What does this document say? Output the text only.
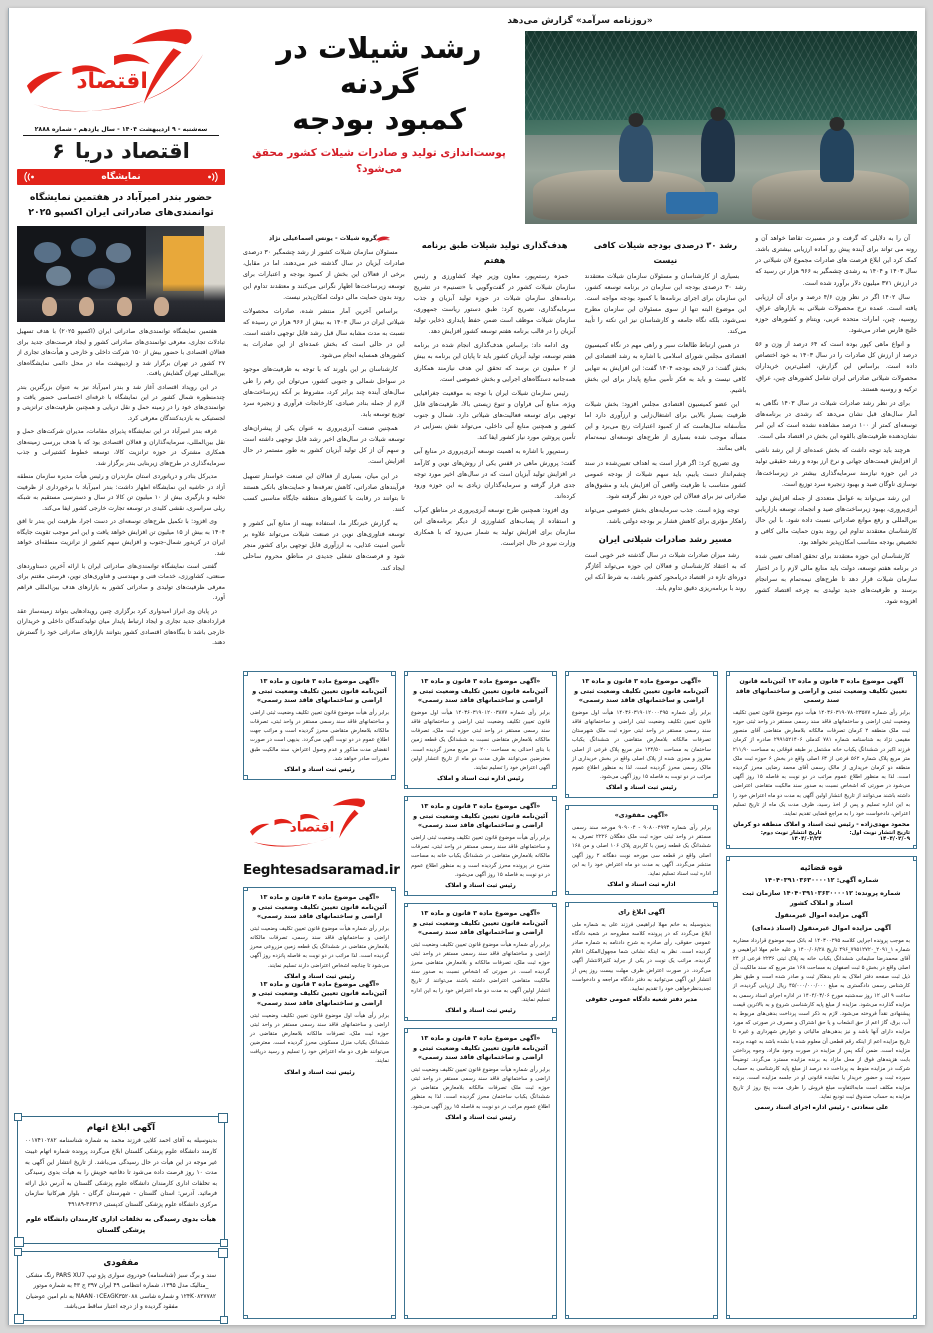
«روزنامه سرآمد» گزارش می‌دهد
رشد شیلات در گردنه
کمبود بودجه
پوست‌اندازی تولید و صادرات شیلات کشور محقق می‌شود؟

آن را به دلایلی که گرفت و در مسیرت تقاضا خواهد آن و رونه می تواند برای آینده پیش رو آماده ارزیابی بیشتری باشد. کمک کرد این ابلاغ فرصت های صادرات مجموع لان شیلاتی در سال ۱۴۰۳ و ۱۴۰۴ به رشدی چشمگیر به ۹۶۶ هزار تن رسید که در ارزش ۳۷۱ میلیون دلار برآورد شده است.

سال ۱۴۰۲ اگر در نظر وزن ۴/۶ درصد و برای آن ارزیابی یافته است. عمده نرخ محصولات شیلاتی به بازارهای عراق، روسیه، چین، امارات متحده عربی، ویتنام و کشورهای حوزه خلیج فارس صادر می‌شود.

و انواع ماهی کپور بوده است که ۶۴ درصد از وزن و ۵۶ درصد از ارزش کل صادرات را در سال ۱۴۰۳ به خود اختصاص داده است. براساس این گزارش، اصلی‌ترین خریداران محصولات شیلاتی صادراتی ایران شامل کشورهای چین، عراق، ترکیه و روسیه هستند.

برای در نظر رشد صادرات شیلات در سال ۱۴۰۳ نگاهی به آمار سال‌های قبل نشان می‌دهد که رشدی در برنامه‌های توسعه‌ای کمتر از ۱۰۰ درصد مشاهده نشده است که این امر نشان‌دهنده ظرفیت‌های بالقوه این بخش در اقتصاد ملی است.

هرچند باید توجه داشت که بخش عمده‌ای از این رشد ناشی از افزایش قیمت‌های جهانی و نرخ ارز بوده و رشد حقیقی تولید در این حوزه نیازمند سرمایه‌گذاری بیشتر در زیرساخت‌ها، نوسازی ناوگان صید و بهبود زنجیره سرد توزیع است.

این رشد می‌تواند به عوامل متعددی از جمله افزایش تولید آبزی‌پروری، بهبود زیرساخت‌های صید و انجماد، توسعه بازاریابی بین‌المللی و رفع موانع صادراتی نسبت داده شود. با این حال کارشناسان معتقدند تداوم این روند بدون حمایت مالی کافی و تخصیص بودجه متناسب امکان‌پذیر نخواهد بود.

کارشناسان این حوزه معتقدند برای تحقق اهداف تعیین شده در برنامه هفتم توسعه، دولت باید منابع مالی لازم را در اختیار سازمان شیلات قرار دهد تا طرح‌های نیمه‌تمام به سرانجام برسند و ظرفیت‌های جدید تولیدی به چرخه اقتصاد کشور افزوده شود.

رشد ۳۰ درصدی بودجه شیلات کافی نیست

بسیاری از کارشناسان و مسئولان سازمان شیلات معتقدند رشد ۳۰ درصدی بودجه این سازمان در برنامه توسعه کشور، این سازمان برای اجرای برنامه‌ها با کمبود بودجه مواجه است. این موضوع البته تنها از سوی مسئولان این سازمان مطرح نمی‌شود، بلکه نگاه جامعه و کارشناسان نیز این نکته را تأیید می‌کند.

در همین ارتباط طالعات سیر و راهی مهم در نگاه کمیسیون اقتصادی مجلس شورای اسلامی با اشاره به رشد اقتصادی این بخش گفت: در لایحه بودجه ۱۴۰۴ گفت: این افزایش به تنهایی کافی نیست و باید به فکر تأمین منابع پایدار برای این بخش باشیم.

این عضو کمیسیون اقتصادی مجلس افزود: بخش شیلات ظرفیت بسیار بالایی برای اشتغال‌زایی و ارزآوری دارد اما متأسفانه سال‌هاست که از کمبود اعتبارات رنج می‌برد و این مسأله موجب شده بسیاری از طرح‌های توسعه‌ای نیمه‌تمام باقی بمانند.

وی تصریح کرد: اگر قرار است به اهداف تعیین‌شده در سند چشم‌انداز دست یابیم، باید سهم شیلات از بودجه عمومی کشور متناسب با ظرفیت واقعی آن افزایش یابد و مشوق‌های صادراتی نیز برای فعالان این حوزه در نظر گرفته شود.

توجه ویژه است. جذب سرمایه‌های بخش خصوصی می‌تواند راهکار مؤثری برای کاهش فشار بر بودجه دولتی باشد.

مسیر رشد صادرات شیلاتی ایران

رشد میزان صادرات شیلات در سال گذشته خبر خوبی است که به اعتقاد کارشناسان و فعالان این حوزه می‌تواند آغازگر دوره‌ای تازه در اقتصاد دریامحور کشور باشد، به شرط آنکه این روند با برنامه‌ریزی دقیق تداوم یابد.

هدف‌گذاری تولید شیلات طبق برنامه هفتم

حمزه رستم‌پور، معاون وزیر جهاد کشاورزی و رئیس سازمان شیلات کشور در گفت‌وگویی با «تسنیم» در تشریح برنامه‌های سازمان شیلات در حوزه تولید آبزیان و جذب سرمایه‌گذاری، تصریح کرد: طبق دستور ریاست جمهوری، سازمان شیلات موظف است ضمن حفظ پایداری ذخایر، تولید آبزیان را در قالب برنامه هفتم توسعه کشور افزایش دهد.

وی ادامه داد: براساس هدف‌گذاری انجام شده در برنامه هفتم توسعه، تولید آبزیان کشور باید تا پایان این برنامه به بیش از ۲ میلیون تن برسد که تحقق این هدف نیازمند همکاری همه‌جانبه دستگاه‌های اجرایی و بخش خصوصی است.

رئیس سازمان شیلات ایران با توجه به موقعیت جغرافیایی ویژه، منابع آبی فراوان و تنوع زیستی بالا، ظرفیت‌های قابل توجهی برای توسعه فعالیت‌های شیلاتی دارد. شمال و جنوب کشور و همچنین منابع آبی داخلی، می‌تواند نقش بسزایی در تأمین پروتئین مورد نیاز کشور ایفا کند.

رستم‌پور با اشاره به اهمیت توسعه آبزی‌پروری در منابع آبی گفت: پرورش ماهی در قفس یکی از روش‌های نوین و کارآمد در افزایش تولید آبزیان است که در سال‌های اخیر مورد توجه جدی قرار گرفته و سرمایه‌گذاران زیادی به این حوزه ورود کرده‌اند.

وی افزود: همچنین طرح توسعه آبزی‌پروری در مناطق کم‌آب و استفاده از پساب‌های کشاورزی از دیگر برنامه‌های این سازمان برای افزایش تولید به شمار می‌رود که با همکاری وزارت نیرو در حال اجراست.

گروه شیلات - یونس اسماعیلی نژاد

مسئولان سازمان شیلات کشور از رشد چشمگیر ۳۰ درصدی صادرات آبزیان در سال گذشته خبر می‌دهند، اما در مقابل، برخی از فعالان این بخش از کمبود بودجه و اعتبارات برای توسعه زیرساخت‌ها اظهار نگرانی می‌کنند و معتقدند تداوم این روند بدون حمایت مالی دولت امکان‌پذیر نیست.

براساس آخرین آمار منتشر شده، صادرات محصولات شیلاتی ایران در سال ۱۴۰۳ به بیش از ۹۶۶ هزار تن رسیده که نسبت به مدت مشابه سال قبل رشد قابل توجهی داشته است. این در حالی است که بخش عمده‌ای از این صادرات به کشورهای همسایه انجام می‌شود.

کارشناسان بر این باورند که با توجه به ظرفیت‌های موجود در سواحل شمالی و جنوبی کشور، می‌توان این رقم را طی سال‌های آینده چند برابر کرد، مشروط بر آنکه زیرساخت‌های لازم از جمله بنادر صیادی، کارخانجات فرآوری و زنجیره سرد توزیع توسعه یابد.

همچنین صنعت آبزی‌پروری به عنوان یکی از پیشران‌های توسعه شیلات در سال‌های اخیر رشد قابل توجهی داشته است و سهم آن از کل تولید آبزیان کشور به طور مستمر در حال افزایش است.

در این میان، بسیاری از فعالان این صنعت خواستار تسهیل فرآیندهای صادراتی، کاهش تعرفه‌ها و حمایت‌های بانکی هستند تا بتوانند در رقابت با کشورهای منطقه جایگاه مناسبی کسب کنند.

به گزارش خبرنگار ما، استفاده بهینه از منابع آبی کشور و توسعه فناوری‌های نوین در صنعت شیلات می‌تواند علاوه بر تأمین امنیت غذایی، به ارزآوری قابل توجهی برای کشور منجر شود و فرصت‌های شغلی جدیدی در مناطق محروم ساحلی ایجاد کند.

آگهی موضوع ماده ۳ قانون و ماده ۱۳ آئین‌نامه قانون تعیین تکلیف وضعیت ثبتی و اراضی و ساختمانهای فاقد سند رسمی
برابر رأی شماره ۱۴۰۳۶۰۳۱۹۰۷۸۰۲۳۵۷۷ هیأت دوم موضوع قانون تعیین تکلیف وضعیت ثبتی اراضی و ساختمانهای فاقد سند رسمی مستقر در واحد ثبتی حوزه ثبت ملک منطقه ۲ کرمان تصرفات مالکانه بلامعارض متقاضی آقای منصور مقیمی نژاد به شناسنامه شماره ۷۸۱ کدملی ۲۹۹۱۵۲۱۴۰۶ صادره از کرمان فرزند اکبر در ششدانگ یکباب خانه مشتمل بر طبقه فوقانی به مساحت ۲۱۱٫۹۰ متر مربع پلاک شماره ۵۶۲ فرعی از ۶۳ اصلی واقع در بخش ۶ حوزه ثبت ملک منطقه دو کرمان خریداری از مالک رسمی آقای محمد رضایی محرز گردیده است. لذا به منظور اطلاع عموم مراتب در دو نوبت به فاصله ۱۵ روز آگهی می‌شود در صورتی که اشخاص نسبت به صدور سند مالکیت متقاضی اعتراضی داشته باشند می‌توانند از تاریخ انتشار اولین آگهی به مدت دو ماه اعتراض خود را به این اداره تسلیم و پس از اخذ رسید، ظرف مدت یک ماه از تاریخ تسلیم اعتراض، دادخواست خود را به مراجع قضایی تقدیم نمایند.
محمود مهدی‌زاده - رئیس ثبت اسناد و املاک منطقه دو کرمان
تاریخ انتشار نوبت اول: ۱۴۰۴/۰۲/۰۹
تاریخ انتشار نوبت دوم: ۱۴۰۴/۰۲/۲۴
قوه قضائیه
شماره آگهی: ۱۴۰۴۰۳۹۱۰۳۶۳۰۰۰۰۱۲
شماره پرونده: ۱۴۰۴۰۳۹۱۰۳۶۳۰۰۰۰۱۲ سازمان ثبت اسناد و املاک کشور
آگهی مزایده اموال غیرمنقول
آگهی مزایده اموال غیرمنقول (اسناد ذمه‌ای)
به موجب پرونده اجرایی کلاسه ۱۴۰۳۰۰۲۹۵ له بانک سپه موضوع قرارداد مضاربه شماره ۱_۲۰۹۱_۷۹۵۱۲۷۲۰_۴۹۶ تاریخ ۱۴۰۰/۰۶/۲۸ و علیه خانم مهلا ابراهیمی و آقای محمدرضا سلیمانی ششدانگ یکباب خانه به پلاک ثبتی ۲۲۳۶ فرعی از ۲۴ اصلی واقع در بخش ۵ ثبت اصفهان به مساحت ۱۶۸ متر مربع که سند مالکیت آن ذیل ثبت صفحه دفتر املاک به نام بدهکار ثبت و صادر شده است و طبق نظر کارشناس رسمی دادگستری به مبلغ ۴۵/۰۰۰/۰۰۰/۰۰۰ ریال ارزیابی گردیده، از ساعت ۹ الی ۱۲ روز سه‌شنبه مورخ ۱۴۰۴/۰۳/۰۶ در اداره اجرای اسناد رسمی به مزایده گذارده می‌شود. مزایده از مبلغ پایه کارشناسی شروع و به بالاترین قیمت پیشنهادی نقداً فروخته می‌شود. لازم به ذکر است پرداخت بدهی‌های مربوط به آب، برق، گاز اعم از حق انشعاب و یا حق اشتراک و مصرف در صورتی که مورد مزایده دارای آنها باشد و نیز بدهی‌های مالیاتی و عوارض شهرداری و غیره تا تاریخ مزایده اعم از اینکه رقم قطعی آن معلوم شده یا نشده باشد به عهده برنده مزایده است. ضمن آنکه پس از مزایده در صورت وجود مازاد، وجوه پرداختی بابت هزینه‌های فوق از محل مازاد به برنده مزایده مسترد می‌گردد. توضیحاً شرکت در مزایده منوط به پرداخت ده درصد از مبلغ پایه کارشناسی به حساب سپرده ثبت و حضور خریدار یا نماینده قانونی او در جلسه مزایده است. برنده مزایده مکلف است مابه‌التفاوت مبلغ فروش را ظرف مدت پنج روز از تاریخ مزایده به حساب صندوق ثبت تودیع نماید.
علی سعادتی - رئیس اداره اجرای اسناد رسمی
«آگهی موضوع ماده ۳ قانون و ماده ۱۳ آئین‌نامه قانون تعیین تکلیف وضعیت ثبتی و اراضی و ساختمانهای فاقد سند رسمی»
برابر رأی شماره ۱۴۰۳۶۰۳۱۹۰۱۲۰۰۰۴۹۵ هیأت اول موضوع قانون تعیین تکلیف وضعیت ثبتی اراضی و ساختمانهای فاقد سند رسمی مستقر در واحد ثبتی حوزه ثبت ملک شهرستان تصرفات مالکانه بلامعارض متقاضی در ششدانگ یکباب ساختمان به مساحت ۱۲۴/۵۰ متر مربع پلاک فرعی از اصلی مفروز و مجزی شده از پلاک اصلی واقع در بخش خریداری از مالک رسمی محرز گردیده است. لذا به منظور اطلاع عموم مراتب در دو نوبت به فاصله ۱۵ روز آگهی می‌شود.
رئیس ثبت اسناد و املاک
«آگهی مفقودی»
برابر رأی شماره ۹۰۸۰۰۴۹۹۳ - ۹۰۹۰۰۴ مورخه سند رسمی مستقر در واحد ثبتی حوزه ثبت ملک دهگلان ۲۲۲۶ تصرف به ششدانگ یک قطعه زمین با کاربری پلاک ۱۰۶ اصلی و من ۱۶۸ اصلی واقع در قطعه سی مورخه نوبت دهگانه ۲ روز آگهی منتشر می‌گردد. آگهی به مدت دو ماه اعتراض خود را به این اداره ثبت اسناد تسلیم نماید.
اداره ثبت اسناد و املاک
آگهی ابلاغ رای
بدینوسیله به خانم مهلا ابراهیمی فرزند علی به شماره ملی ابلاغ می‌گردد که در پرونده کلاسه مطروحه در شعبه دادگاه عمومی حقوقی، رأی صادره به شرح دادنامه به شماره صادر گردیده است. نظر به اینکه نشانی شما مجهول‌المکان اعلام گردیده، مراتب یک نوبت در یکی از جراید کثیرالانتشار آگهی می‌گردد. در صورت اعتراض ظرف مهلت بیست روز پس از انتشار این آگهی می‌توانید به دفتر دادگاه مراجعه و دادخواست تجدیدنظرخواهی خود را تقدیم نمایید.
مدیر دفتر شعبه دادگاه عمومی حقوقی
«آگهی موضوع ماده ۳ قانون و ماده ۱۳ آئین‌نامه قانون تعیین تکلیف وضعیت ثبتی و اراضی و ساختمانهای فاقد سند رسمی»
برابر رأی شماره ۱۴۰۳۶۰۳۱۹۰۱۲۰۰۳۸۷۷ هیأت اول موضوع قانون تعیین تکلیف وضعیت ثبتی اراضی و ساختمانهای فاقد سند رسمی مستقر در واحد ثبتی حوزه ثبت ملک، تصرفات مالکانه بلامعارض متقاضی نسبت به ششدانگ یک قطعه زمین با بنای احداثی به مساحت ۲۰۰ متر مربع محرز گردیده است. معترضین می‌توانند ظرف مدت دو ماه از تاریخ انتشار اولین آگهی اعتراض خود را تسلیم نمایند.
رئیس اداره ثبت اسناد و املاک
«آگهی موضوع ماده ۳ قانون و ماده ۱۳ آئین‌نامه قانون تعیین تکلیف وضعیت ثبتی و اراضی و ساختمانهای فاقد سند رسمی»
برابر رأی هیأت موضوع قانون تعیین تکلیف وضعیت ثبتی اراضی و ساختمانهای فاقد سند رسمی مستقر در واحد ثبتی، تصرفات مالکانه بلامعارض متقاضی در ششدانگ یکباب خانه به مساحت مندرج در پرونده محرز گردیده است و به منظور اطلاع عموم در دو نوبت به فاصله ۱۵ روز آگهی می‌شود.
رئیس ثبت اسناد و املاک
«آگهی موضوع ماده ۳ قانون و ماده ۱۳ آئین‌نامه قانون تعیین تکلیف وضعیت ثبتی و اراضی و ساختمانهای فاقد سند رسمی»
برابر رأی شماره هیأت موضوع قانون تعیین تکلیف وضعیت ثبتی اراضی و ساختمانهای فاقد سند رسمی مستقر در واحد ثبتی حوزه ثبت ملک، تصرفات مالکانه و بلامعارض متقاضی محرز گردیده است. در صورتی که اشخاص نسبت به صدور سند مالکیت متقاضی اعتراضی داشته باشند می‌توانند از تاریخ انتشار اولین آگهی به مدت دو ماه اعتراض خود را به این اداره تسلیم نمایند.
رئیس ثبت اسناد و املاک
«آگهی موضوع ماده ۳ قانون و ماده ۱۳ آئین‌نامه قانون تعیین تکلیف وضعیت ثبتی و اراضی و ساختمانهای فاقد سند رسمی»
برابر رأی شماره هیأت موضوع قانون تعیین تکلیف وضعیت ثبتی اراضی و ساختمانهای فاقد سند رسمی مستقر در واحد ثبتی حوزه ثبت ملک تصرفات مالکانه بلامعارض متقاضی در ششدانگ یکباب ساختمان محرز گردیده است. لذا به منظور اطلاع عموم مراتب در دو نوبت به فاصله ۱۵ روز آگهی می‌شود.
رئیس ثبت اسناد و املاک
«آگهی موضوع ماده ۳ قانون و ماده ۱۳ آئین‌نامه قانون تعیین تکلیف وضعیت ثبتی و اراضی و ساختمانهای فاقد سند رسمی»
برابر رأی هیأت موضوع قانون تعیین تکلیف وضعیت ثبتی اراضی و ساختمانهای فاقد سند رسمی مستقر در واحد ثبتی، تصرفات مالکانه بلامعارض متقاضی محرز گردیده است و مراتب جهت اطلاع عموم در دو نوبت آگهی می‌گردد. بدیهی است در صورت انقضای مدت مذکور و عدم وصول اعتراض، سند مالکیت طبق مقررات صادر خواهد شد.
رئیس ثبت اسناد و املاک
اقتصاد
Eeghtesadsaramad.ir
«آگهی موضوع ماده ۳ قانون و ماده ۱۳ آئین‌نامه قانون تعیین تکلیف وضعیت ثبتی و اراضی و ساختمانهای فاقد سند رسمی»
برابر رأی شماره هیأت موضوع قانون تعیین تکلیف وضعیت ثبتی اراضی و ساختمانهای فاقد سند رسمی، تصرفات مالکانه بلامعارض متقاضی در ششدانگ یک قطعه زمین مزروعی محرز گردیده است. لذا مراتب در دو نوبت به فاصله پانزده روز آگهی می‌شود تا چنانچه اشخاص اعتراضی دارند تسلیم نمایند.
رئیس ثبت اسناد و املاک
«آگهی موضوع ماده ۳ قانون و ماده ۱۳ آئین‌نامه قانون تعیین تکلیف وضعیت ثبتی و اراضی و ساختمانهای فاقد سند رسمی»
برابر رأی هیأت اول موضوع قانون تعیین تکلیف وضعیت ثبتی اراضی و ساختمانهای فاقد سند رسمی مستقر در واحد ثبتی حوزه ثبت ملک، تصرفات مالکانه بلامعارض متقاضی در ششدانگ یکباب منزل مسکونی محرز گردیده است. معترضین می‌توانند ظرف دو ماه اعتراض خود را تسلیم و رسید دریافت نمایند.
رئیس ثبت اسناد و املاک
اقتصاد
سه‌شنبه - ۹ اردیبهشت ۱۴۰۴ - سال یازدهم - شماره ۲۸۸۸
اقتصاد دریا
۶
نمایشگاه
حضور بندر امیرآباد در هفتمین نمایشگاه توانمندی‌های صادراتی ایران اکسپو ۲۰۲۵

هفتمین نمایشگاه توانمندی‌های صادراتی ایران (اکسپو ۲۰۲۵) با هدف تسهیل تبادلات تجاری، معرفی توانمندی‌های صادراتی کشور و ایجاد فرصت‌های جدید برای فعالان اقتصادی با حضور بیش از ۱۵۰ شرکت داخلی و خارجی و هیأت‌های تجاری از ۲۷ کشور در تهران برگزار شد و اردیبهشت ماه در محل دائمی نمایشگاه‌های بین‌المللی تهران گشایش یافت.

در این رویداد اقتصادی آغاز شد و بندر امیرآباد نیز به عنوان بزرگترین بندر چندمنظوره شمال کشور در این نمایشگاه با غرفه‌ای اختصاصی حضور یافت و توانمندی‌های خود را در زمینه حمل و نقل دریایی و همچنین ظرفیت‌های ترانزیتی و لجستیکی به بازدیدکنندگان معرفی کرد.

غرفه بندر امیرآباد در این نمایشگاه پذیرای مقامات، مدیران شرکت‌های حمل و نقل بین‌المللی، سرمایه‌گذاران و فعالان اقتصادی بود که با هدف بررسی زمینه‌های همکاری مشترک در حوزه ترانزیت کالا، توسعه خطوط کشتیرانی و جذب سرمایه‌گذاری در طرح‌های زیربنایی بندر برگزار شد.

مدیرکل بنادر و دریانوردی استان مازندران و رئیس هیأت مدیره سازمان منطقه آزاد در حاشیه این نمایشگاه اظهار داشت: بندر امیرآباد با برخورداری از ظرفیت تخلیه و بارگیری بیش از ۱۰ میلیون تن کالا در سال و دسترسی مستقیم به شبکه ریلی سراسری، نقشی کلیدی در توسعه تجارت خارجی کشور ایفا می‌کند.

وی افزود: با تکمیل طرح‌های توسعه‌ای در دست اجرا، ظرفیت این بندر تا افق ۱۴۰۴ به بیش از ۱۵ میلیون تن افزایش خواهد یافت و این امر موجب تقویت جایگاه ایران در کریدور شمال-جنوب و افزایش سهم کشور از ترانزیت منطقه‌ای خواهد شد.

گفتنی است نمایشگاه توانمندی‌های صادراتی ایران با ارائه آخرین دستاوردهای صنعتی، کشاورزی، خدمات فنی و مهندسی و فناوری‌های نوین، فرصتی مغتنم برای معرفی ظرفیت‌های تولیدی و صادراتی کشور به بازارهای هدف بین‌المللی فراهم آورد.

در پایان وی ابراز امیدواری کرد برگزاری چنین رویدادهایی بتواند زمینه‌ساز عقد قراردادهای جدید تجاری و ایجاد ارتباط پایدار میان تولیدکنندگان داخلی و خریداران خارجی باشد تا بنگاه‌های اقتصادی کشور بتوانند بازارهای صادراتی خود را گسترش دهند.

آگهی ابلاغ اتهام
بدینوسیله به آقای احمد کلایی فرزند محمد به شماره شناسنامه ۰۰۱۷۴۱۰۲۸۲ کارمند دانشگاه علوم پزشکی گلستان ابلاغ می‌گردد پرونده شماره اتهام غیبت غیر موجه در این هیأت در حال رسیدگی می‌باشد. از تاریخ انتشار این آگهی به مدت ۱۰ روز فرصت داده می‌شود تا دفاعیه خویش را به هیأت بدوی رسیدگی به تخلفات اداری کارمندان دانشگاه علوم پزشکی گلستان به آدرس ذیل ارائه فرمائید. آدرس: استان گلستان - شهرستان گرگان - بلوار هیرکانیا سازمان مرکزی دانشگاه علوم پزشکی گلستان کدپستی ۳۶۳۱۶-۴۹۱۸۹
هیأت بدوی رسیدگی به تخلفات اداری کارمندان دانشگاه علوم پزشکی گلستان
مفقودی
سند و برگ سبز (شناسنامه) خودروی سواری پژو تیپ PARS XU7 رنگ مشکی _متالیک مدل ۱۳۹۵، شماره انتظامی ۴۹ ایران ۳۹۷ ج ۴۳ به شماره موتور ۱۲۴K۰۸۲۷۷۸۲ و شماره شاسی NAAN۰۱CE۸GK۳۵۲۰۸۸ به نام امین عوضیان مفقود گردیده و از درجه اعتبار ساقط می‌باشد.
